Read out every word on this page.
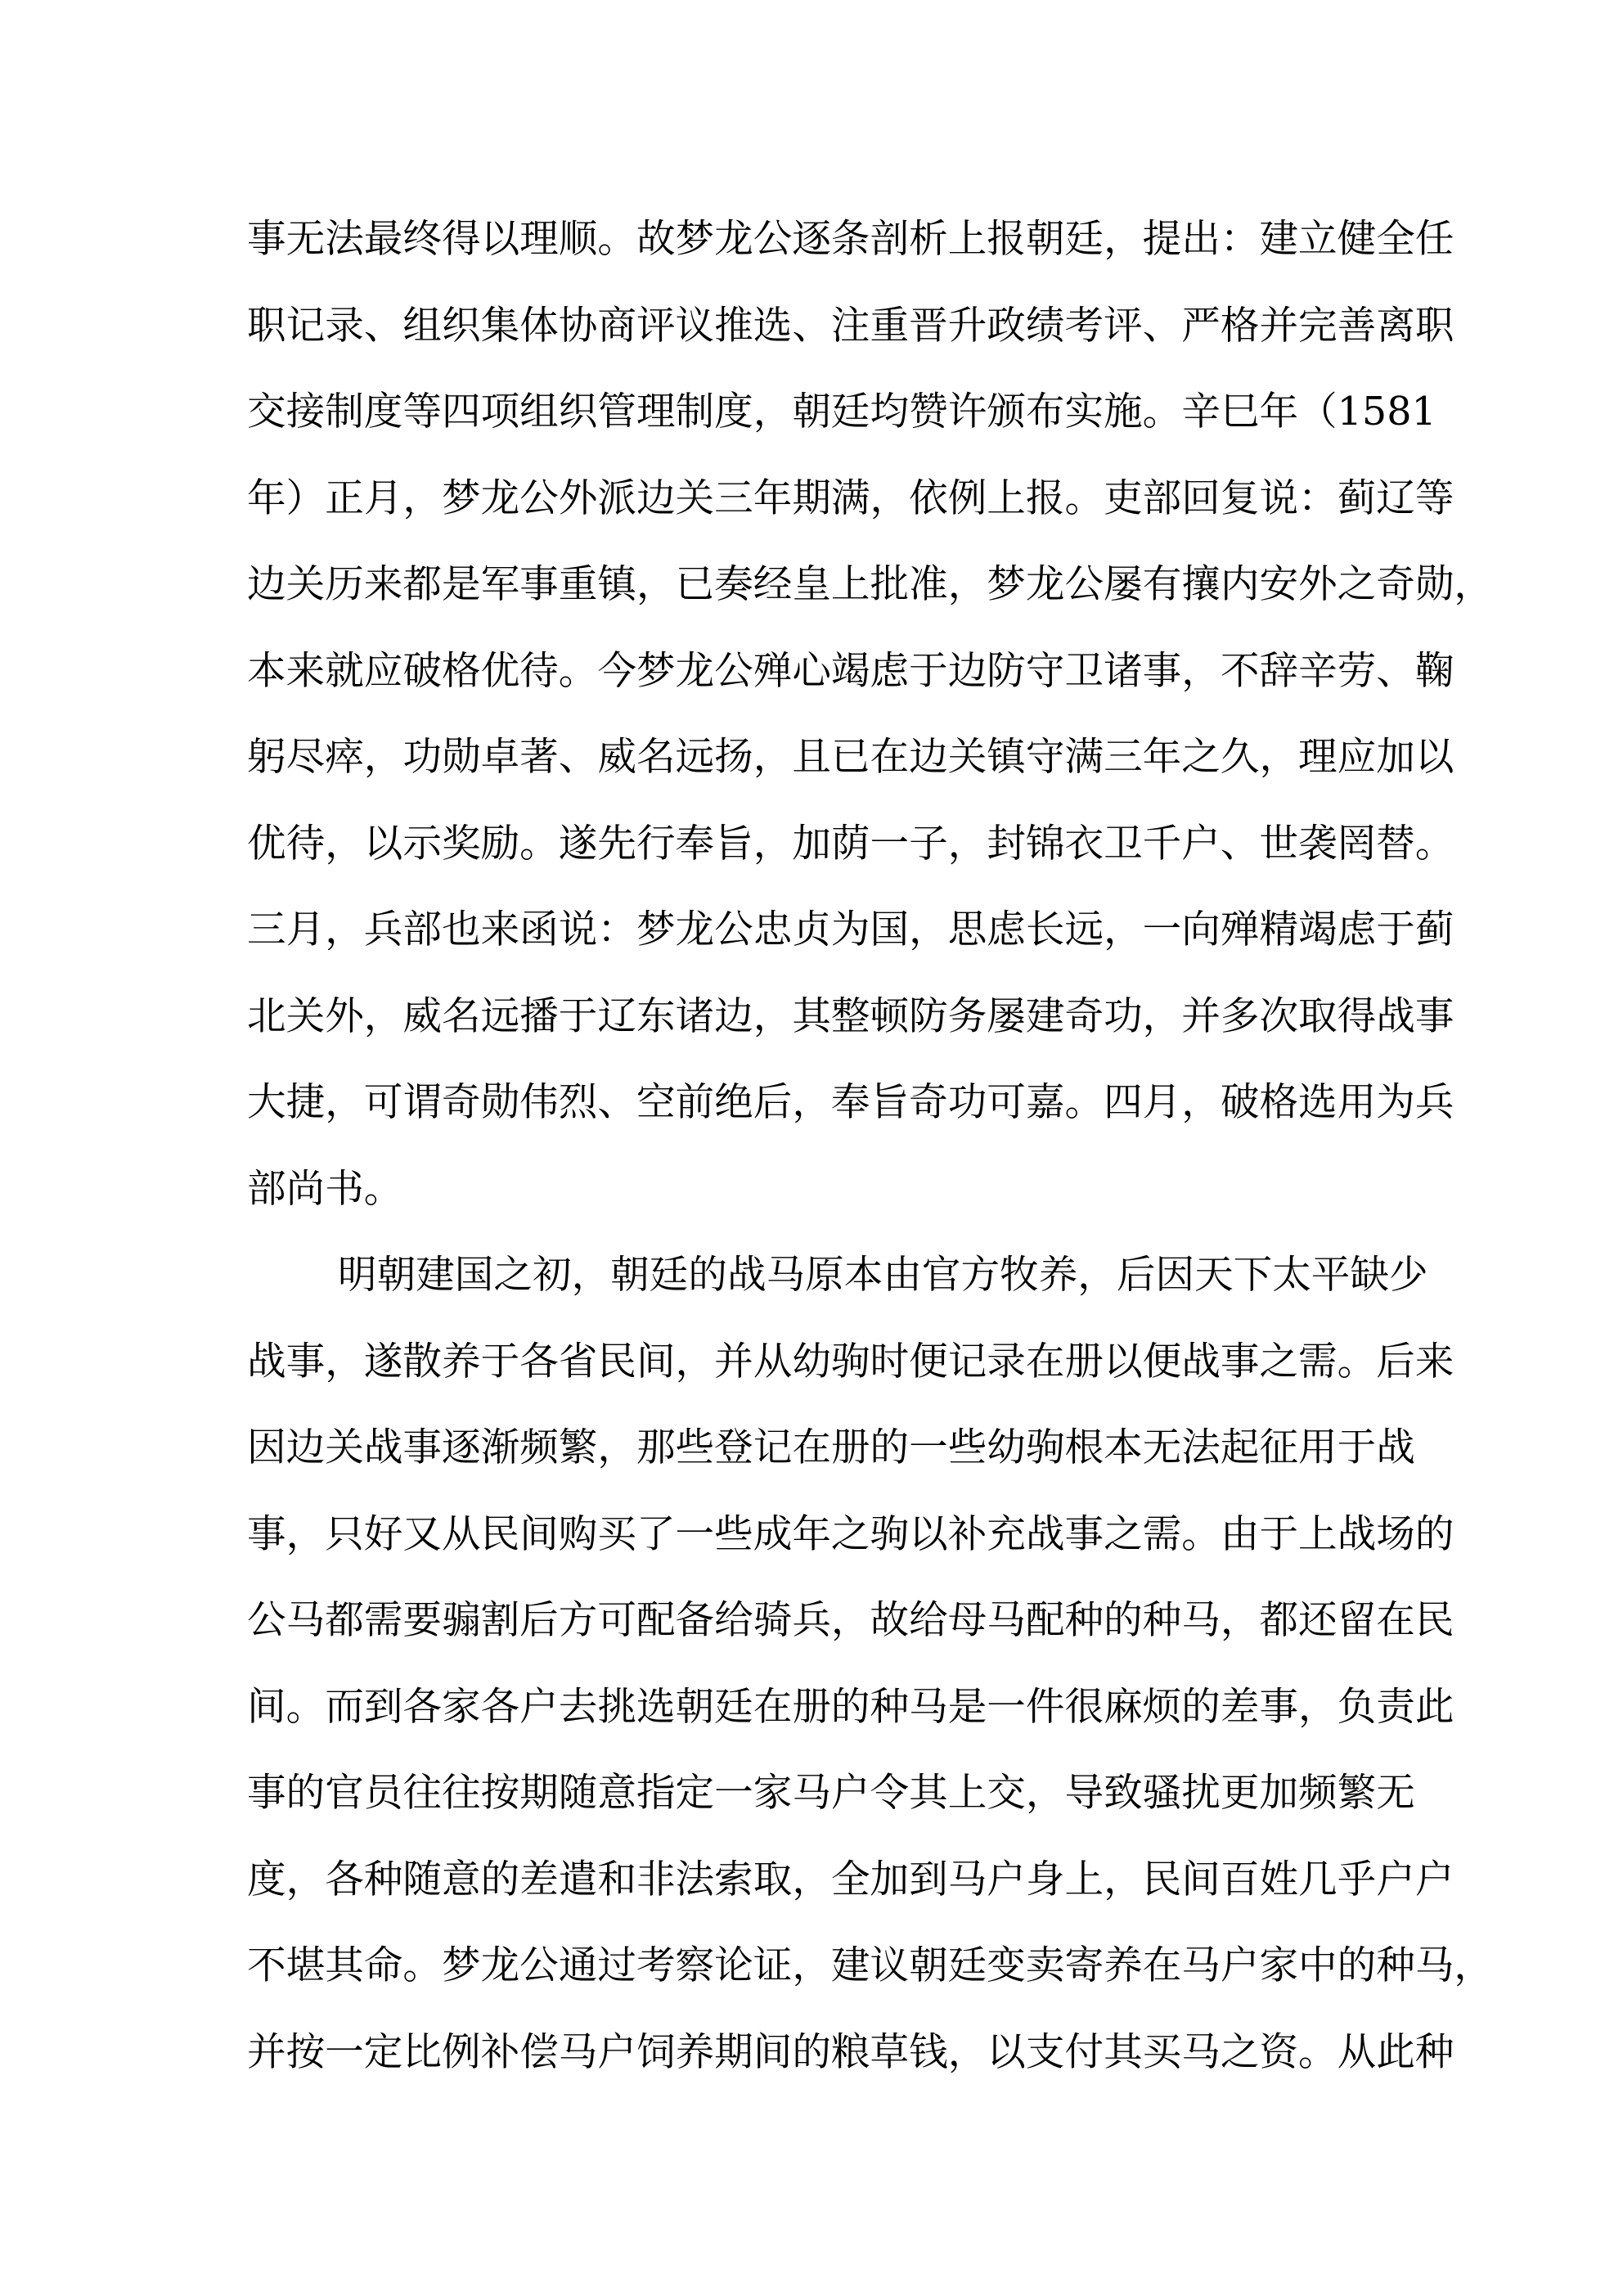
事无法最终得以理顺。故梦龙公逐条剖析上报朝廷，提出：建立健全任
职记录、组织集体协商评议推选、注重晋升政绩考评、严格并完善离职
交接制度等四项组织管理制度，朝廷均赞许颁布实施。辛巳年（1581
年）正月，梦龙公外派边关三年期满，依例上报。吏部回复说：蓟辽等
边关历来都是军事重镇，已奏经皇上批准，梦龙公屡有攘内安外之奇勋，
本来就应破格优待。今梦龙公殚心竭虑于边防守卫诸事，不辞辛劳、鞠
躬尽瘁，功勋卓著、威名远扬，且已在边关镇守满三年之久，理应加以
优待，以示奖励。遂先行奉旨，加荫一子，封锦衣卫千户、世袭罔替。
三月，兵部也来函说：梦龙公忠贞为国，思虑长远，一向殚精竭虑于蓟
北关外，威名远播于辽东诸边，其整顿防务屡建奇功，并多次取得战事
大捷，可谓奇勋伟烈、空前绝后，奉旨奇功可嘉。四月，破格选用为兵
部尚书。
明朝建国之初，朝廷的战马原本由官方牧养，后因天下太平缺少
战事，遂散养于各省民间，并从幼驹时便记录在册以便战事之需。后来
因边关战事逐渐频繁，那些登记在册的一些幼驹根本无法起征用于战
事，只好又从民间购买了一些成年之驹以补充战事之需。由于上战场的
公马都需要骟割后方可配备给骑兵，故给母马配种的种马，都还留在民
间。而到各家各户去挑选朝廷在册的种马是一件很麻烦的差事，负责此
事的官员往往按期随意指定一家马户令其上交，导致骚扰更加频繁无
度，各种随意的差遣和非法索取，全加到马户身上，民间百姓几乎户户
不堪其命。梦龙公通过考察论证，建议朝廷变卖寄养在马户家中的种马，
并按一定比例补偿马户饲养期间的粮草钱，以支付其买马之资。从此种
